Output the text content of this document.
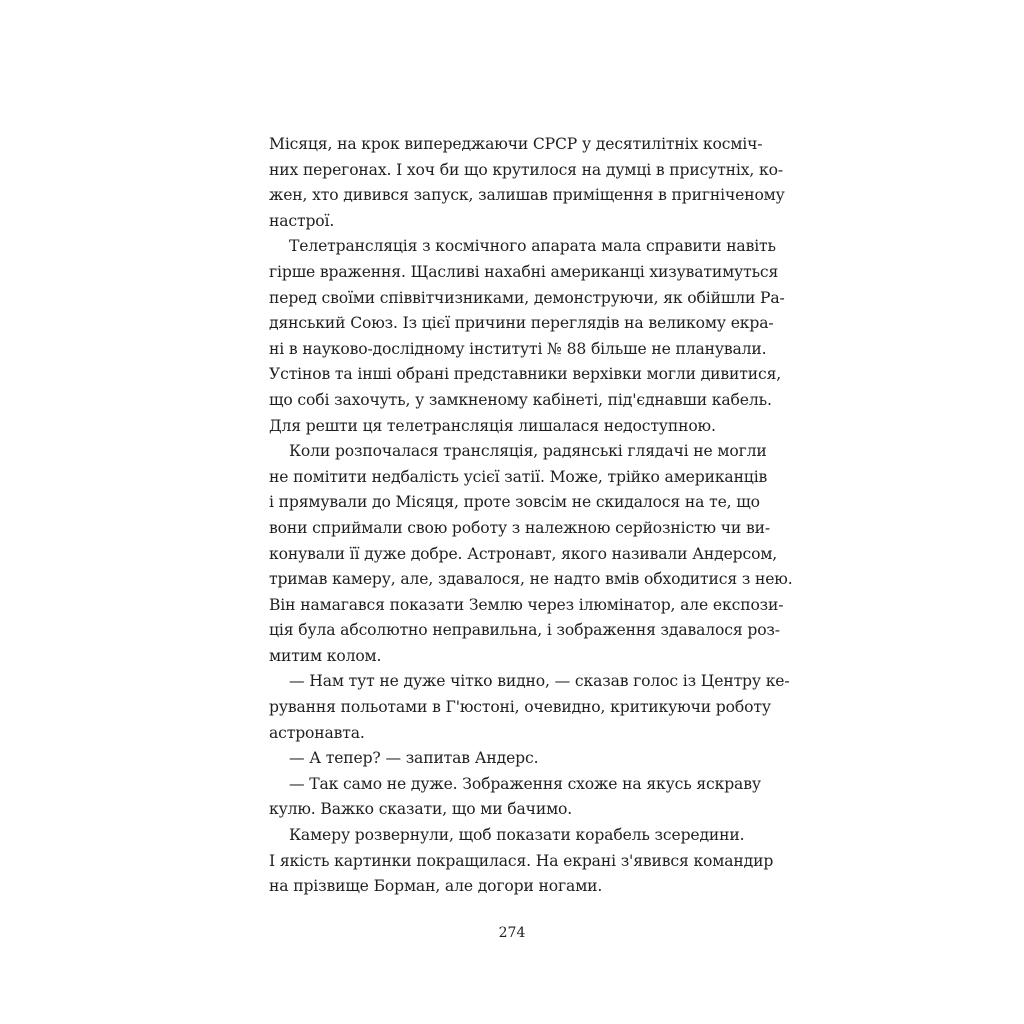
Місяця, на крок випереджаючи СРСР у десятилітніх косміч-
них перегонах. І хоч би що крутилося на думці в присутніх, ко-
жен, хто дивився запуск, залишав приміщення в пригніченому
настрої.
Телетрансляція з космічного апарата мала справити навіть
гірше враження. Щасливі нахабні американці хизуватимуться
перед своїми співвітчизниками, демонструючи, як обійшли Ра-
дянський Союз. Із цієї причини переглядів на великому екра-
ні в науково-дослідному інституті № 88 більше не планували.
Устінов та інші обрані представники верхівки могли дивитися,
що собі захочуть, у замкненому кабінеті, під'єднавши кабель.
Для решти ця телетрансляція лишалася недоступною.
Коли розпочалася трансляція, радянські глядачі не могли
не помітити недбалість усієї затії. Може, трійко американців
і прямували до Місяця, проте зовсім не скидалося на те, що
вони сприймали свою роботу з належною серйозністю чи ви-
конували її дуже добре. Астронавт, якого називали Андерсом,
тримав камеру, але, здавалося, не надто вмів обходитися з нею.
Він намагався показати Землю через ілюмінатор, але експози-
ція була абсолютно неправильна, і зображення здавалося роз-
митим колом.
— Нам тут не дуже чітко видно, — сказав голос із Центру ке-
рування польотами в Г'юстоні, очевидно, критикуючи роботу
астронавта.
— А тепер? — запитав Андерс.
— Так само не дуже. Зображення схоже на якусь яскраву
кулю. Важко сказати, що ми бачимо.
Камеру розвернули, щоб показати корабель зсередини.
І якість картинки покращилася. На екрані з'явився командир
на прізвище Борман, але догори ногами.
274
